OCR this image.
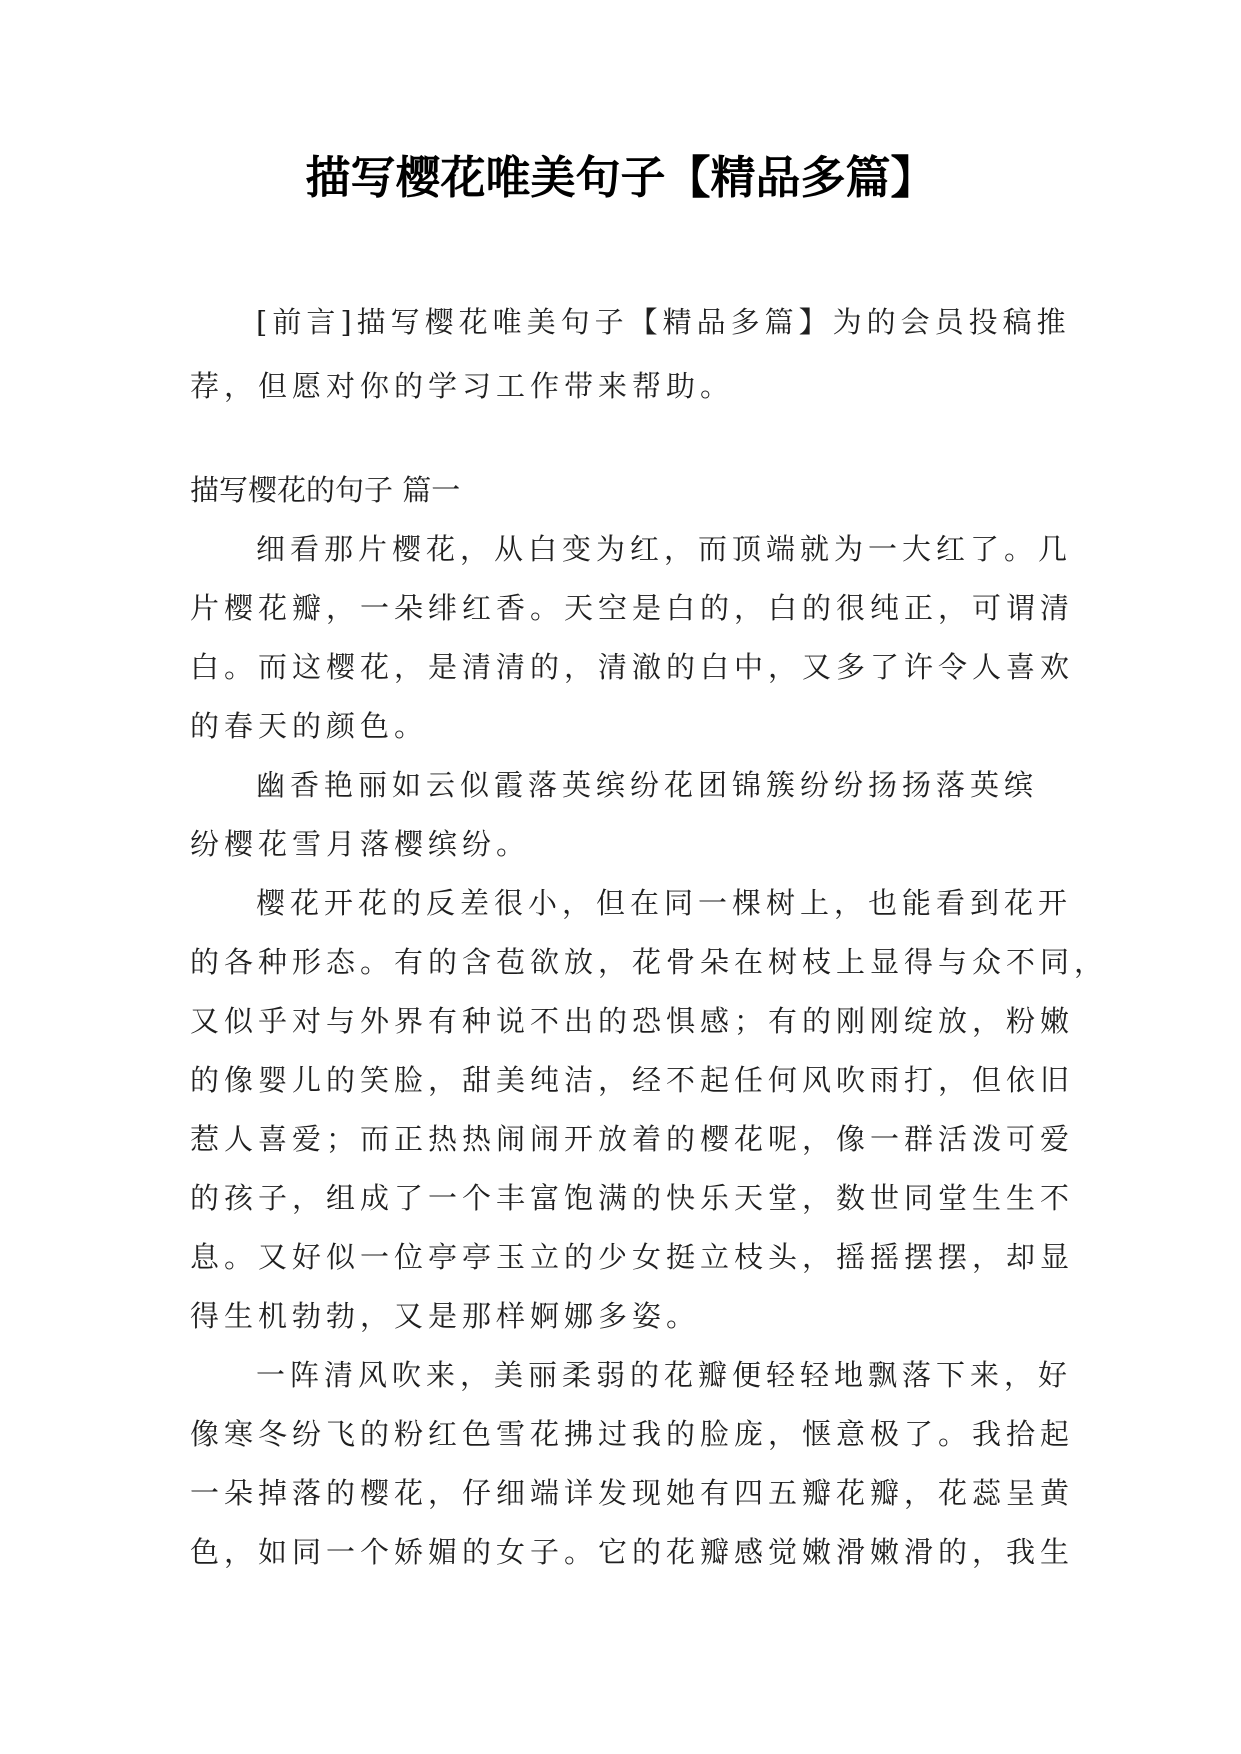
描写樱花唯美句子【精品多篇】
[前言]描写樱花唯美句子【精品多篇】为的会员投稿推
荐，但愿对你的学习工作带来帮助。
描写樱花的句子 篇一
细看那片樱花，从白变为红，而顶端就为一大红了。几
片樱花瓣，一朵绯红香。天空是白的，白的很纯正，可谓清
白。而这樱花，是清清的，清澈的白中，又多了许令人喜欢
的春天的颜色。
幽香艳丽如云似霞落英缤纷花团锦簇纷纷扬扬落英缤
纷樱花雪月落樱缤纷。
樱花开花的反差很小，但在同一棵树上，也能看到花开
的各种形态。有的含苞欲放，花骨朵在树枝上显得与众不同，
又似乎对与外界有种说不出的恐惧感；有的刚刚绽放，粉嫩
的像婴儿的笑脸，甜美纯洁，经不起任何风吹雨打，但依旧
惹人喜爱；而正热热闹闹开放着的樱花呢，像一群活泼可爱
的孩子，组成了一个丰富饱满的快乐天堂，数世同堂生生不
息。又好似一位亭亭玉立的少女挺立枝头，摇摇摆摆，却显
得生机勃勃，又是那样婀娜多姿。
一阵清风吹来，美丽柔弱的花瓣便轻轻地飘落下来，好
像寒冬纷飞的粉红色雪花拂过我的脸庞，惬意极了。我拾起
一朵掉落的樱花，仔细端详发现她有四五瓣花瓣，花蕊呈黄
色，如同一个娇媚的女子。它的花瓣感觉嫩滑嫩滑的，我生
